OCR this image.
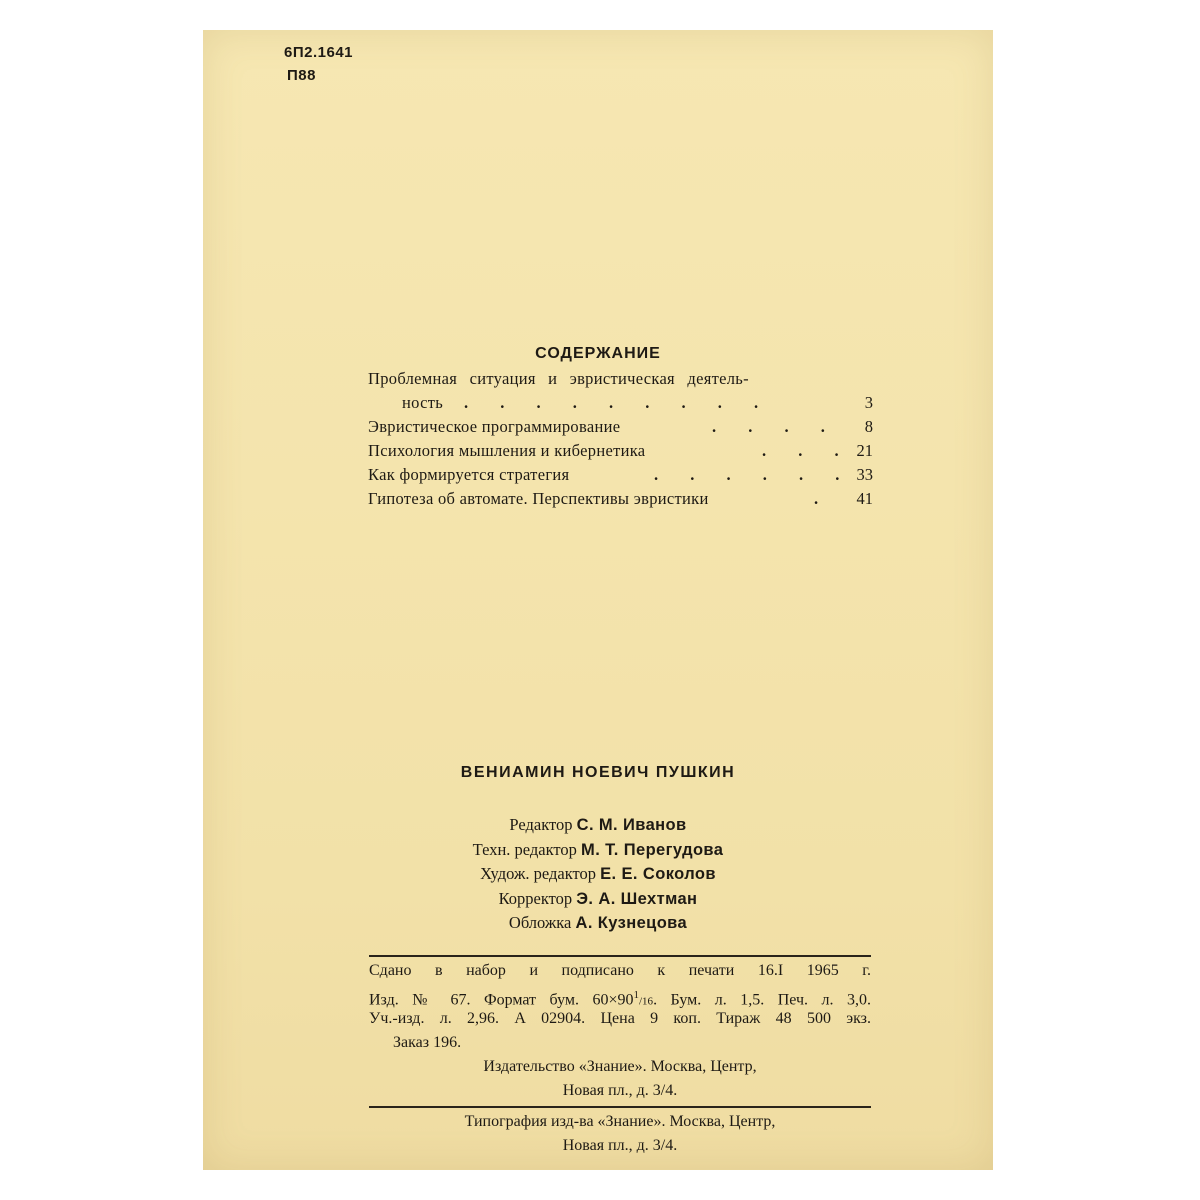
6П2.1641
П88
СОДЕРЖАНИЕ
Проблемная ситуация и эвристическая деятель-
ность . . . . . . . . .	3
Эвристическое программирование	. . . . 8
Психология мышления и кибернетика	. . . 21
Как формируется стратегия	. . . . . . 33
Гипотеза об автомате. Перспективы эвристики	. 41
ВЕНИАМИН НОЕВИЧ ПУШКИН
Редактор С. М. Иванов
Техн. редактор М. Т. Перегудова
Худож. редактор Е. Е. Соколов
Корректор Э. А. Шехтман
Обложка А. Кузнецова
Сдано в набор и подписано к печати 16.I 1965 г.
Изд. № 67. Формат бум. $60\times 90^1/16$. Бум. л. 1,5. Печ. л. 3,0.
Уч.-изд. л. 2,96. А 02904. Цена 9 коп. Тираж 48 500 экз.
Заказ 196.
Издательство «Знание». Москва, Центр,
Новая пл., д. 3/4.
Типография изд-ва «Знание». Москва, Центр,
Новая пл., д. 3/4.
